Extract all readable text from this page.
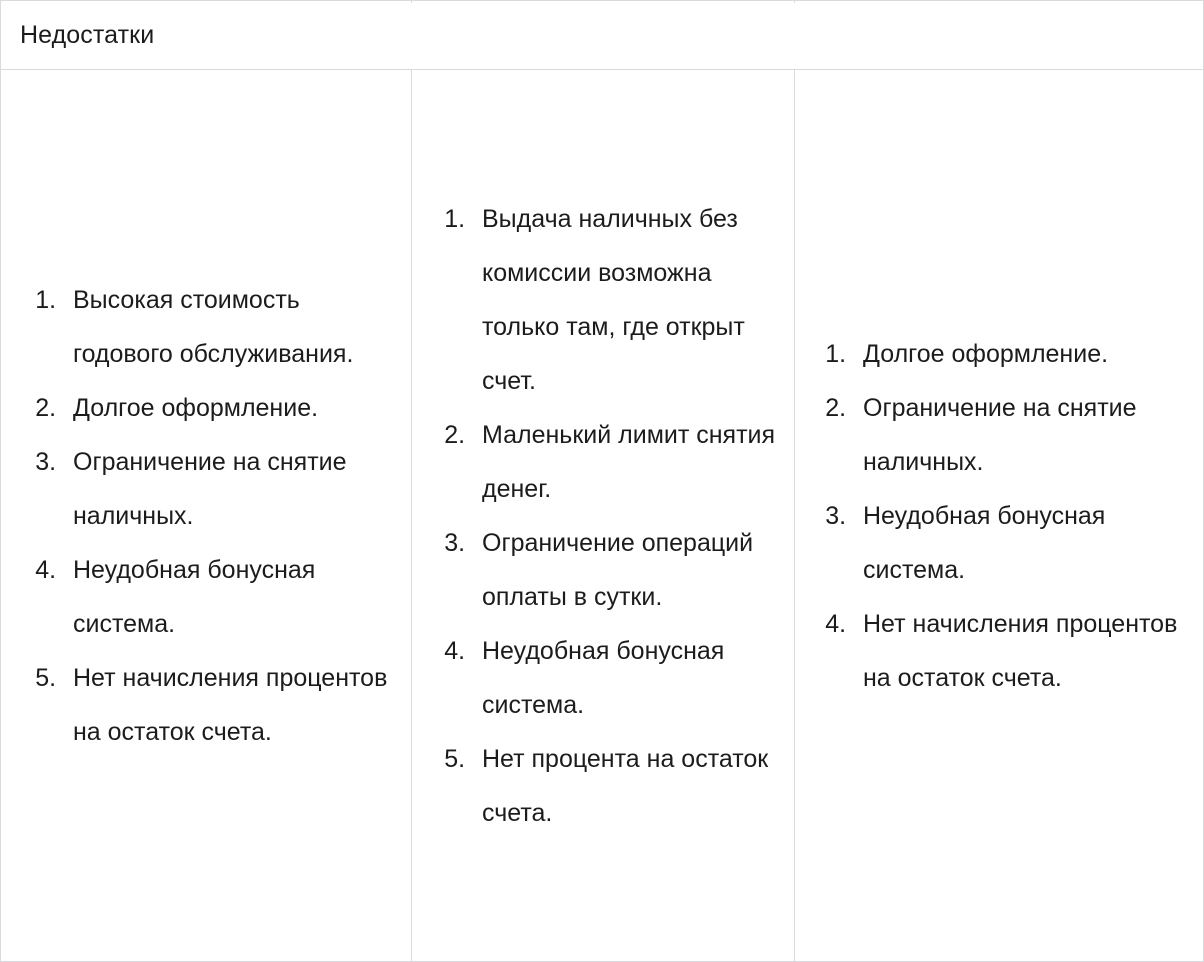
Недостатки
1. Высокая стоимость годового обслуживания.
2. Долгое оформление.
3. Ограничение на снятие наличных.
4. Неудобная бонусная система.
5. Нет начисления процентов на остаток счета.
1. Выдача наличных без комиссии возможна только там, где открыт счет.
2. Маленький лимит снятия денег.
3. Ограничение операций оплаты в сутки.
4. Неудобная бонусная система.
5. Нет процента на остаток счета.
1. Долгое оформление.
2. Ограничение на снятие наличных.
3. Неудобная бонусная система.
4. Нет начисления процентов на остаток счета.
